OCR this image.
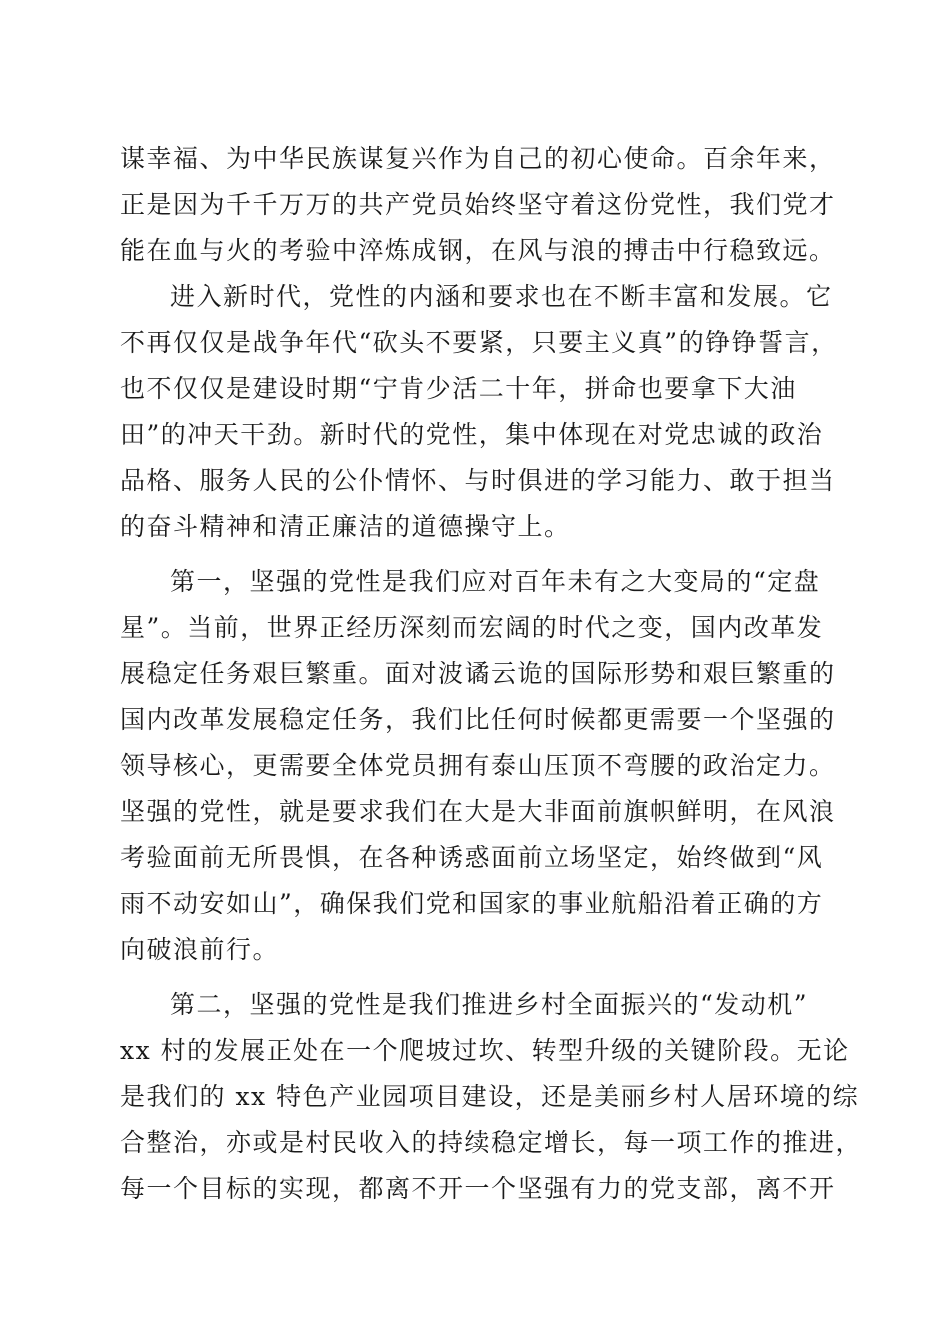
谋幸福、为中华民族谋复兴作为自己的初心使命。百余年来，
正是因为千千万万的共产党员始终坚守着这份党性，我们党才
能在血与火的考验中淬炼成钢，在风与浪的搏击中行稳致远。
进入新时代，党性的内涵和要求也在不断丰富和发展。它
不再仅仅是战争年代“砍头不要紧，只要主义真”的铮铮誓言，
也不仅仅是建设时期“宁肯少活二十年，拼命也要拿下大油
田”的冲天干劲。新时代的党性，集中体现在对党忠诚的政治
品格、服务人民的公仆情怀、与时俱进的学习能力、敢于担当
的奋斗精神和清正廉洁的道德操守上。
第一，坚强的党性是我们应对百年未有之大变局的“定盘
星”。当前，世界正经历深刻而宏阔的时代之变，国内改革发
展稳定任务艰巨繁重。面对波谲云诡的国际形势和艰巨繁重的
国内改革发展稳定任务，我们比任何时候都更需要一个坚强的
领导核心，更需要全体党员拥有泰山压顶不弯腰的政治定力。
坚强的党性，就是要求我们在大是大非面前旗帜鲜明，在风浪
考验面前无所畏惧，在各种诱惑面前立场坚定，始终做到“风
雨不动安如山”，确保我们党和国家的事业航船沿着正确的方
向破浪前行。
第二，坚强的党性是我们推进乡村全面振兴的“发动机”
xx 村的发展正处在一个爬坡过坎、转型升级的关键阶段。无论
是我们的 xx 特色产业园项目建设，还是美丽乡村人居环境的综
合整治，亦或是村民收入的持续稳定增长，每一项工作的推进，
每一个目标的实现，都离不开一个坚强有力的党支部，离不开
